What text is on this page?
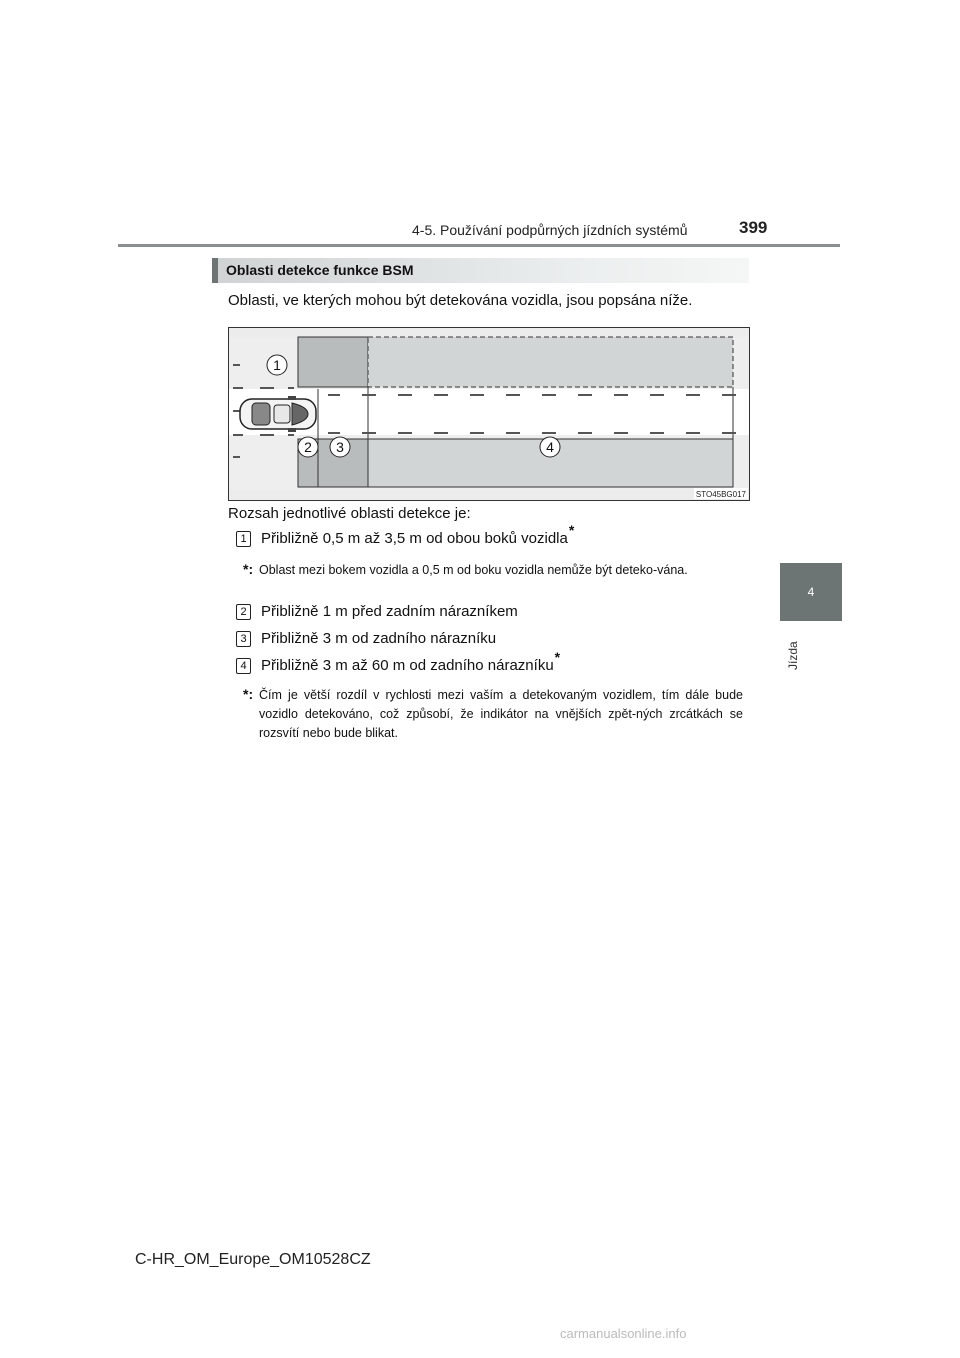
4-5. Používání podpůrných jízdních systémů	399
4
Jízda
Oblasti detekce funkce BSM
Oblasti, ve kterých mohou být detekována vozidla, jsou popsána níže.
1
2 3	4
STO45BG017
Rozsah jednotlivé oblasti detekce je:
1 Přibližně 0,5 m až 3,5 m od obou boků vozidla *
*: Oblast mezi bokem vozidla a 0,5 m od boku vozidla nemůže být deteko-vána.
2 Přibližně 1 m před zadním nárazníkem
3 Přibližně 3 m od zadního nárazníku
4 Přibližně 3 m až 60 m od zadního nárazníku *
*: Čím je větší rozdíl v rychlosti mezi vaším a detekovaným vozidlem, tím dále bude vozidlo detekováno, což způsobí, že indikátor na vnějších zpět-ných zrcátkách se rozsvítí nebo bude blikat.
C-HR_OM_Europe_OM10528CZ
carmanualsonline.info
